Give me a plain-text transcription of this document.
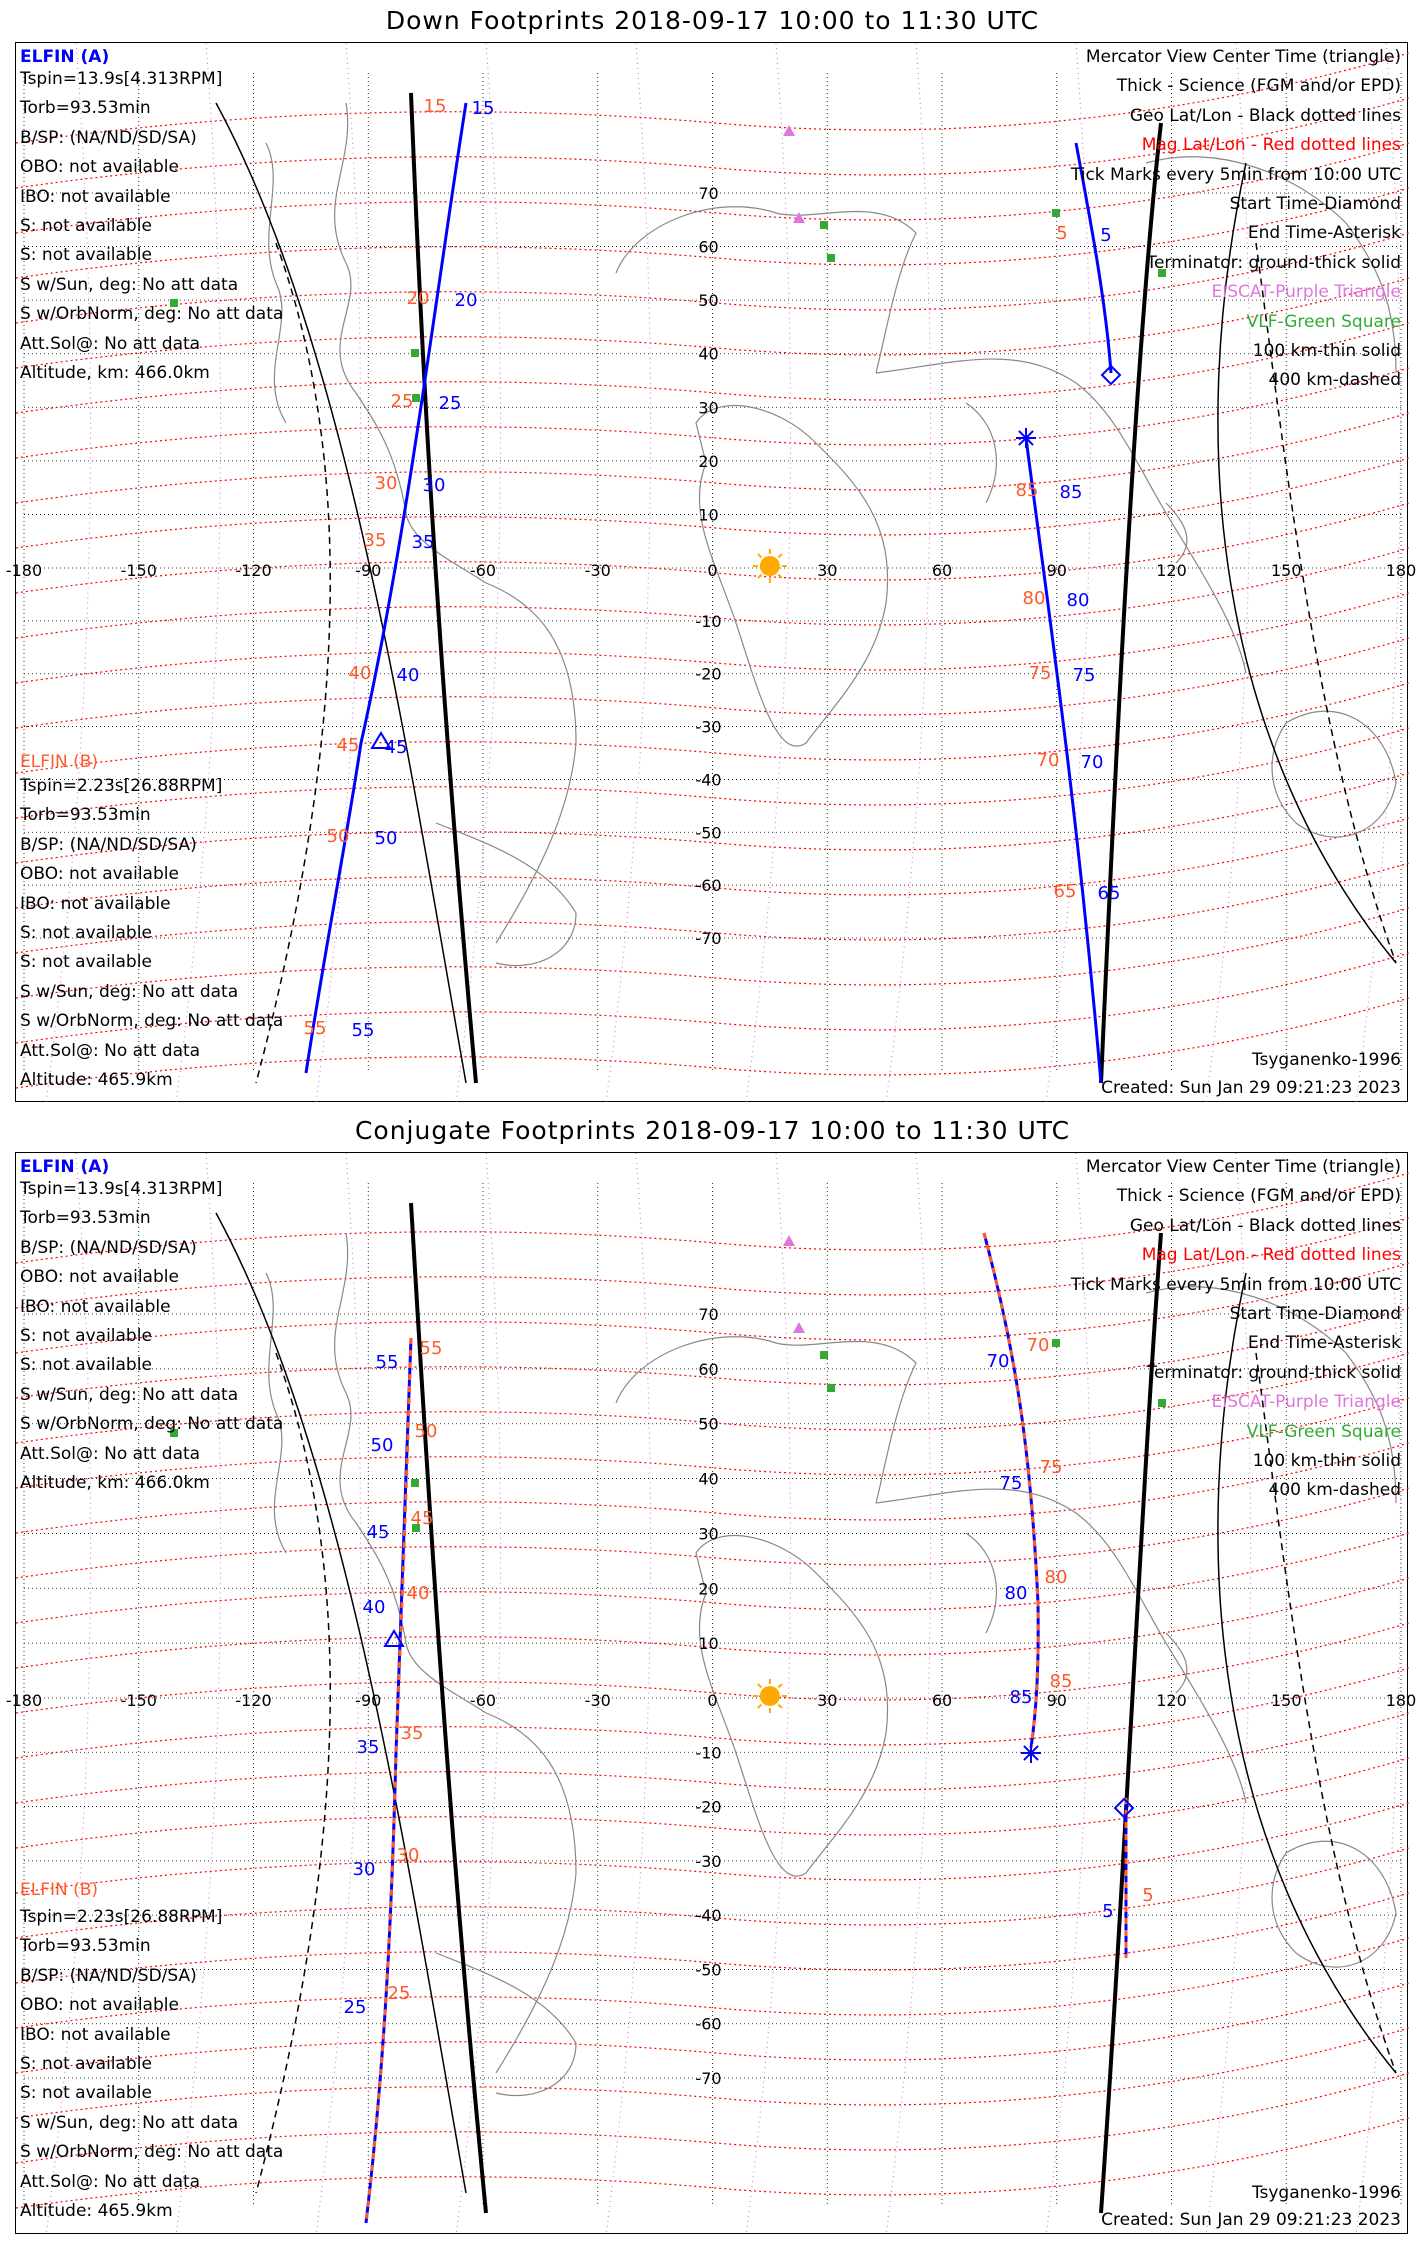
Down Footprints 2018-09-17 10:00 to 11:30 UTC
-180	-150	-120	-90	-60	-30	0	30	60	90	120	150	180
70
60
50
40
30
20
10
-10
-20
-30
-40
-50
-60
-70
15
15
20
20
25
25
30
30
35
35
40
40
45
45
50
50
55
55
5
5
85
85
80
80
75
75
70
70
65
65
ELFIN (A)
Tspin=13.9s[4.313RPM]
Torb=93.53min
B/SP: (NA/ND/SD/SA)
OBO: not available
IBO: not available
S: not available
S: not available
S w/Sun, deg: No att data
S w/OrbNorm, deg: No att data
Att.Sol@: No att data
Altitude, km: 466.0km
ELFIN (B)
Tspin=2.23s[26.88RPM]
Torb=93.53min
B/SP: (NA/ND/SD/SA)
OBO: not available
IBO: not available
S: not available
S: not available
S w/Sun, deg: No att data
S w/OrbNorm, deg: No att data
Att.Sol@: No att data
Altitude: 465.9km
Mercator View Center Time (triangle)
Thick - Science (FGM and/or EPD)
Geo Lat/Lon - Black dotted lines
Mag Lat/Lon - Red dotted lines
Tick Marks every 5min from 10:00 UTC
Start Time-Diamond
End Time-Asterisk
Terminator: ground-thick solid
EISCAT-Purple Triangle
VLF-Green Square
100 km-thin solid
400 km-dashed
Tsyganenko-1996
Created: Sun Jan 29 09:21:23 2023
Conjugate Footprints 2018-09-17 10:00 to 11:30 UTC
-180	-150	-120	-90	-60	-30	0	30	60	90	120	150	180
70
60
50
40
30
20
10
-10
-20
-30
-40
-50
-60
-70
55
55
50
50
45
45
40
40
35
35
30
30
25
25
70
70
75
75
80
80
85
85
5
5
ELFIN (A)
Tspin=13.9s[4.313RPM]
Torb=93.53min
B/SP: (NA/ND/SD/SA)
OBO: not available
IBO: not available
S: not available
S: not available
S w/Sun, deg: No att data
S w/OrbNorm, deg: No att data
Att.Sol@: No att data
Altitude, km: 466.0km
ELFIN (B)
Tspin=2.23s[26.88RPM]
Torb=93.53min
B/SP: (NA/ND/SD/SA)
OBO: not available
IBO: not available
S: not available
S: not available
S w/Sun, deg: No att data
S w/OrbNorm, deg: No att data
Att.Sol@: No att data
Altitude: 465.9km
Mercator View Center Time (triangle)
Thick - Science (FGM and/or EPD)
Geo Lat/Lon - Black dotted lines
Mag Lat/Lon - Red dotted lines
Tick Marks every 5min from 10:00 UTC
Start Time-Diamond
End Time-Asterisk
Terminator: ground-thick solid
EISCAT-Purple Triangle
VLF-Green Square
100 km-thin solid
400 km-dashed
Tsyganenko-1996
Created: Sun Jan 29 09:21:23 2023
